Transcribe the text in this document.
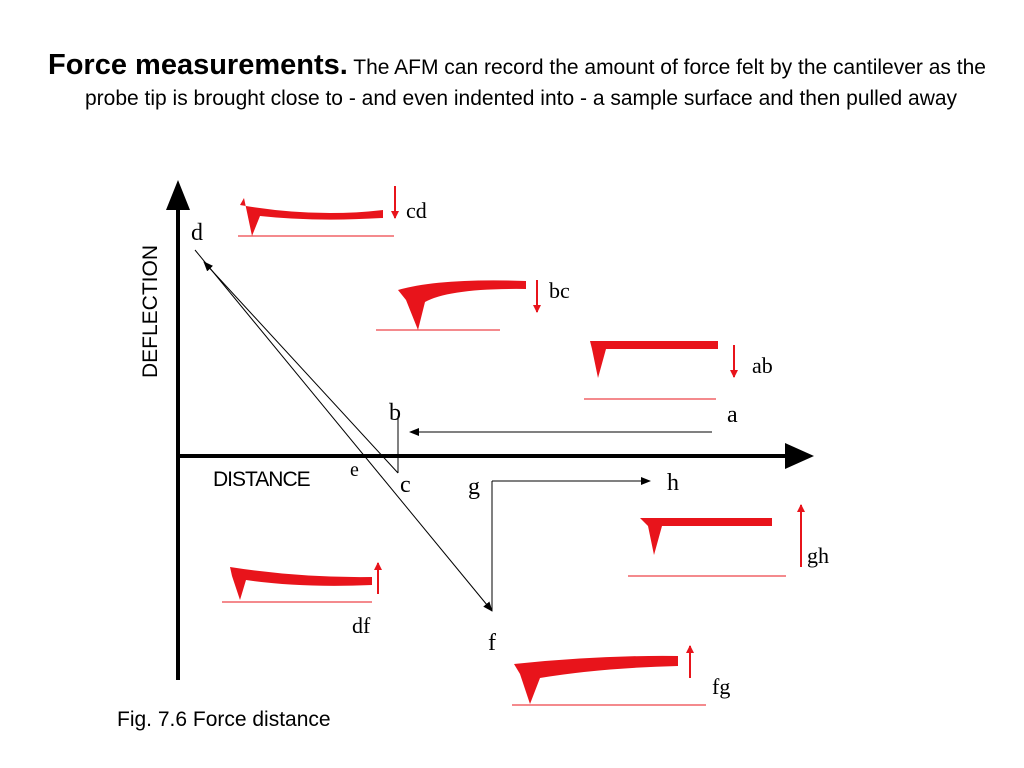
Force measurements. The AFM can record the amount of force felt by the cantilever as the probe tip is brought close to - and even indented into - a sample surface and then pulled away
DEFLECTION
DISTANCE
d
b	a
e
c g	h
f
cd
bc
ab
gh
df
fg
Fig. 7.6 Force distance
